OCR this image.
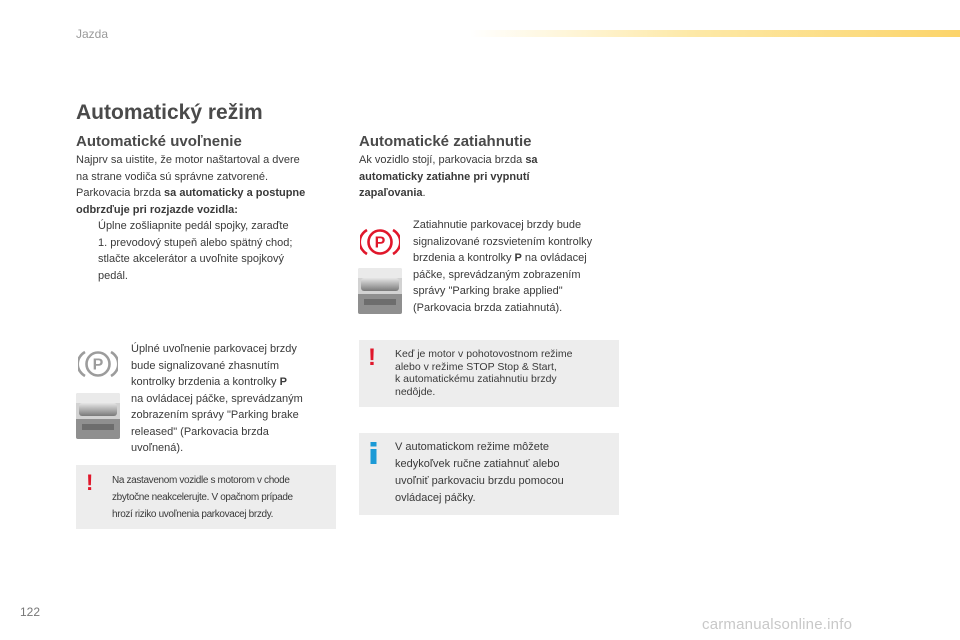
Jazda
Automatický režim
Automatické uvoľnenie
Najprv sa uistite, že motor naštartoval a dvere
na strane vodiča sú správne zatvorené.
Parkovacia brzda sa automaticky a postupne
odbrzďuje pri rozjazde vozidla:
Úplne zošliapnite pedál spojky, zaraďte
1. prevodový stupeň alebo spätný chod;
stlačte akcelerátor a uvoľnite spojkový
pedál.
P
Úplné uvoľnenie parkovacej brzdy
bude signalizované zhasnutím
kontrolky brzdenia a kontrolky P
na ovládacej páčke, sprevádzaným
zobrazením správy "Parking brake
released" (Parkovacia brzda
uvoľnená).
! Na zastavenom vozidle s motorom v chode
zbytočne neakcelerujte. V opačnom prípade
hrozí riziko uvoľnenia parkovacej brzdy.
Automatické zatiahnutie
Ak vozidlo stojí, parkovacia brzda sa
automaticky zatiahne pri vypnutí
zapaľovania.
P
Zatiahnutie parkovacej brzdy bude
signalizované rozsvietením kontrolky
brzdenia a kontrolky P na ovládacej
páčke, sprevádzaným zobrazením
správy "Parking brake applied"
(Parkovacia brzda zatiahnutá).
! Keď je motor v pohotovostnom režime
alebo v režime STOP Stop & Start,
k automatickému zatiahnutiu brzdy
nedôjde.
V automatickom režime môžete
kedykoľvek ručne zatiahnuť alebo
uvoľniť parkovaciu brzdu pomocou
ovládacej páčky.
122
carmanualsonline.info
